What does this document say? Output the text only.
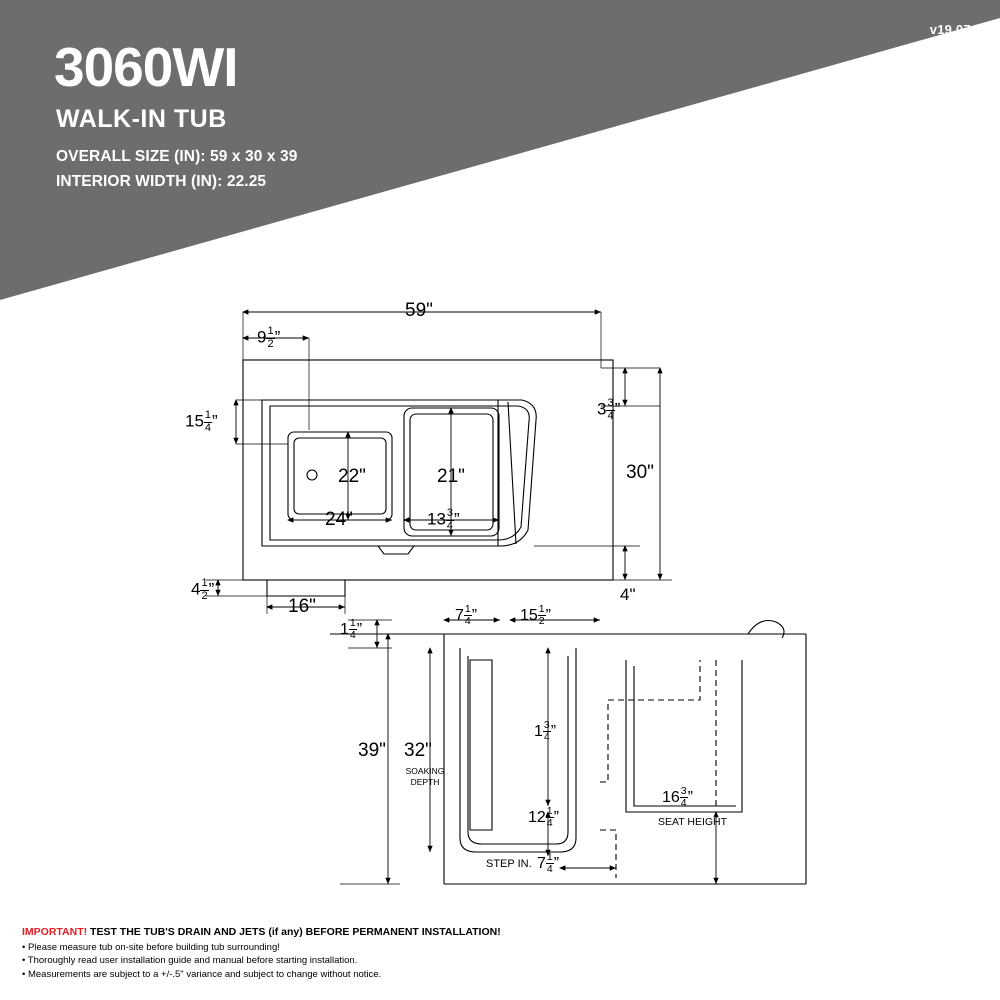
v19.07.0
3060WI
WALK-IN TUB
OVERALL SIZE (IN): 59 x 30 x 39
INTERIOR WIDTH (IN): 22.25
59"
$9 \frac{1}{2}$ ”
$15 \frac{1}{4}$ ”
22"
24"
21"
$13 \frac{3}{4}$ ”
$3 \frac{3}{4}$ ”
30"
4"
$4 \frac{1}{2}$ ”
16"
$1 \frac{1}{4}$ ”
$7 \frac{1}{4}$ ”	$15 \frac{1}{2}$ ”
39" 32"
SOAKING DEPTH
$1 \frac{3}{4}$ ”
$12 \frac{1}{4}$ ”
$16 \frac{3}{4}$ ”
SEAT HEIGHT
STEP IN. $7 \frac{1}{4}$ ”
IMPORTANT! TEST THE TUB'S DRAIN AND JETS (if any) BEFORE PERMANENT INSTALLATION!
• Please measure tub on-site before building tub surrounding!
• Thoroughly read user installation guide and manual before starting installation.
• Measurements are subject to a +/-.5" variance and subject to change without notice.
